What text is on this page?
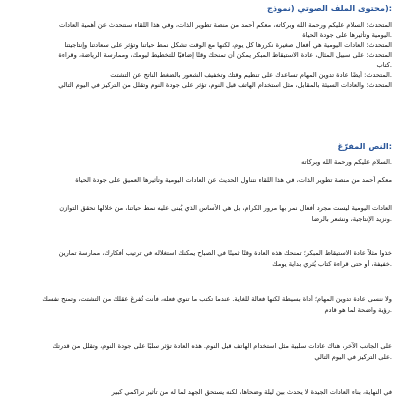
:(محتوى الملف الصوتي (نموذج

المتحدث: السلام عليكم ورحمة الله وبركاته، معكم أحمد من منصة تطوير الذات، وفي هذا اللقاء سنتحدث عن أهمية العادات

.اليومية وتأثيرها على جودة الحياة

المتحدث: العادات اليومية هي أفعال صغيرة نكررها كل يوم، لكنها مع الوقت تشكل نمط حياتنا وتؤثر على سعادتنا وإنتاجيتنا

المتحدث: على سبيل المثال، عادة الاستيقاظ المبكر يمكن أن تمنحك وقتًا إضافيًا للتخطيط ليومك، وممارسة الرياضة، وقراءة

.كتاب

.المتحدث: أيضًا عادة تدوين المهام تساعدك على تنظيم وقتك وتخفيف الشعور بالضغط الناتج عن التشتت

المتحدث: والعادات السيئة بالمقابل، مثل استخدام الهاتف قبل النوم، تؤثر على جودة النوم وتقلل من التركيز في اليوم التالي

:النص المفرّغ

.السلام عليكم ورحمة الله وبركاته

معكم أحمد من منصة تطوير الذات، في هذا اللقاء نتناول الحديث عن العادات اليومية وتأثيرها العميق على جودة الحياة

العادات اليومية ليست مجرد أفعال نمر بها مرور الكرام، بل هي الأساس الذي يُبنى عليه نمط حياتنا، من خلالها نحقق التوازن

.ونزيد الإنتاجية، ونشعر بالرضا

خذوا مثلاً عادة الاستيقاظ المبكر؛ تمنحك هذه العادة وقتًا ثمينًا في الصباح يمكنك استغلاله في ترتيب أفكارك، ممارسة تمارين

.خفيفة، أو حتى قراءة كتاب يُثري بداية يومك

ولا ننسى عادة تدوين المهام؛ أداة بسيطة لكنها فعالة للغاية. عندما تكتب ما تنوي فعله، فأنت تُفرغ عقلك من التشتت، وتمنح نفسك

.رؤية واضحة لما هو قادم

على الجانب الآخر، هناك عادات سلبية مثل استخدام الهاتف قبل النوم. هذه العادة تؤثر سلبًا على جودة النوم، وتقلل من قدرتك

.على التركيز في اليوم التالي

في النهاية، بناء العادات الجيدة لا يحدث بين ليلة وضحاها، لكنه يستحق الجهد لما له من تأثير تراكمي كبير
